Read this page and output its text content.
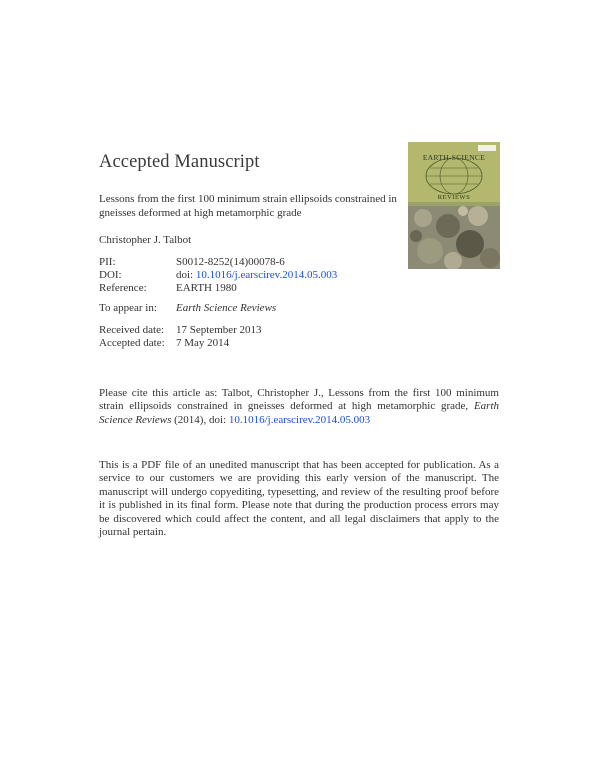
Accepted Manuscript	EARTH-SCIENCE
REVIEWS
Lessons from the first 100 minimum strain ellipsoids constrained in gneisses deformed at high metamorphic grade
Christopher J. Talbot
PII:	S0012-8252(14)00078-6
DOI:	doi: 10.1016/j.earscirev.2014.05.003
Reference:	EARTH 1980
To appear in: Earth Science Reviews
Received date: 17 September 2013
Accepted date: 7 May 2014
Please cite this article as: Talbot, Christopher J., Lessons from the first 100 minimum strain ellipsoids constrained in gneisses deformed at high metamorphic grade, Earth Science Reviews (2014), doi: 10.1016/j.earscirev.2014.05.003
This is a PDF file of an unedited manuscript that has been accepted for publication. As a service to our customers we are providing this early version of the manuscript. The manuscript will undergo copyediting, typesetting, and review of the resulting proof before it is published in its final form. Please note that during the production process errors may be discovered which could affect the content, and all legal disclaimers that apply to the journal pertain.
